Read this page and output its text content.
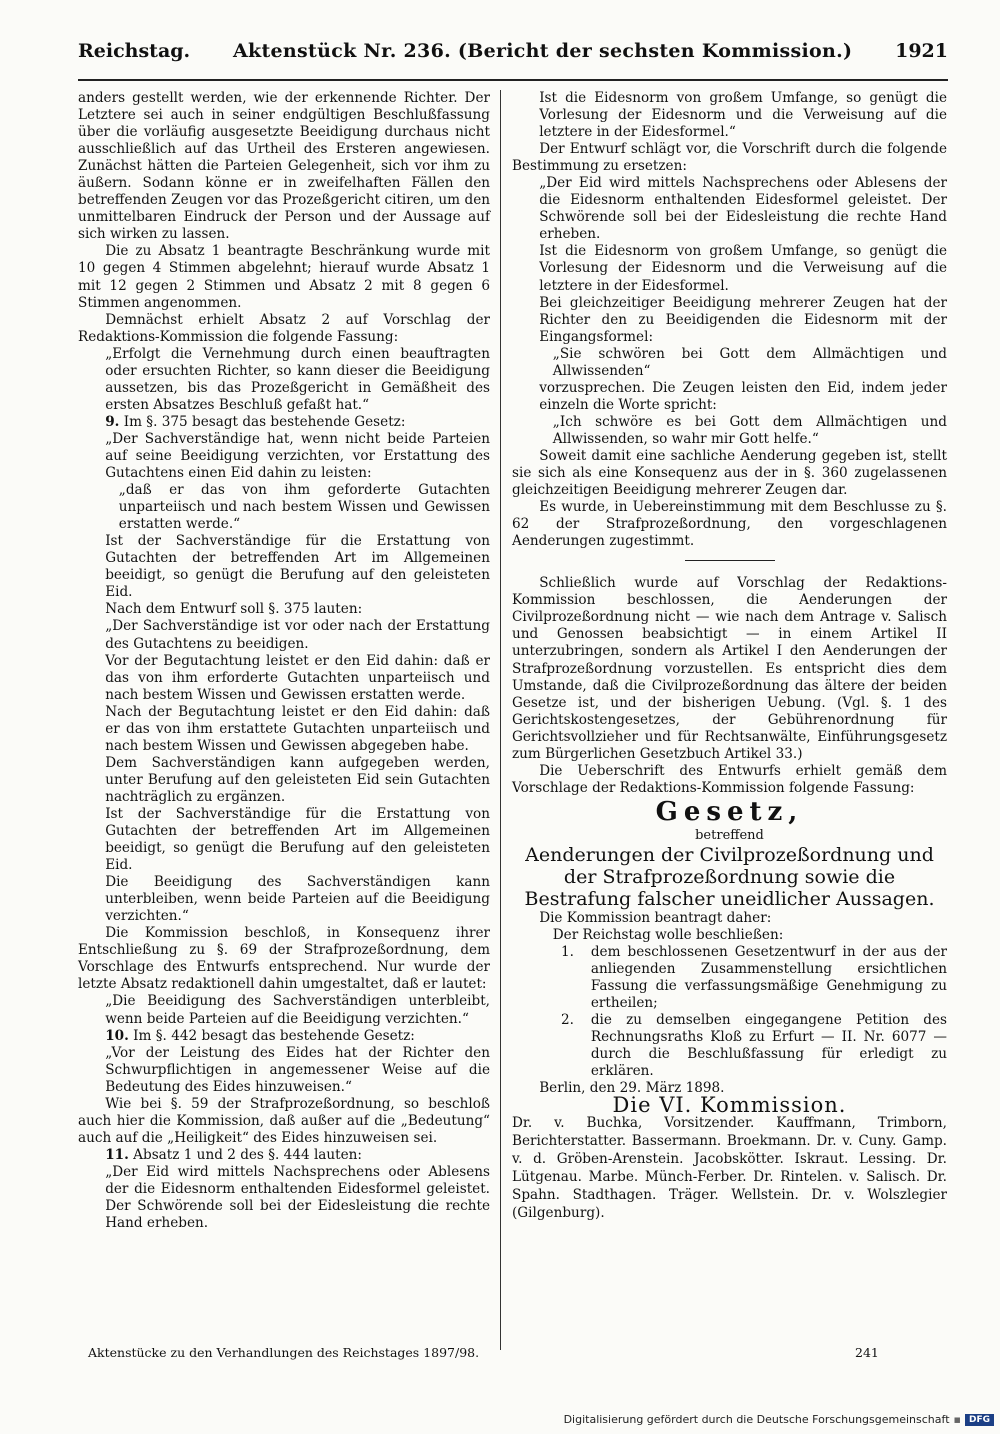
Reichstag.	Aktenstück Nr. 236. (Bericht der sechsten Kommission.)	1921

anders gestellt werden, wie der erkennende Richter. Der Letztere sei auch in seiner endgültigen Beschlußfassung über die vorläufig ausgesetzte Beeidigung durchaus nicht ausschließlich auf das Urtheil des Ersteren angewiesen. Zunächst hätten die Parteien Gelegenheit, sich vor ihm zu äußern. Sodann könne er in zweifelhaften Fällen den betreffenden Zeugen vor das Prozeßgericht citiren, um den unmittelbaren Eindruck der Person und der Aussage auf sich wirken zu lassen.

Die zu Absatz 1 beantragte Beschränkung wurde mit 10 gegen 4 Stimmen abgelehnt; hierauf wurde Absatz 1 mit 12 gegen 2 Stimmen und Absatz 2 mit 8 gegen 6 Stimmen angenommen.

Demnächst erhielt Absatz 2 auf Vorschlag der Redaktions-Kommission die folgende Fassung:

„Erfolgt die Vernehmung durch einen beauftragten oder ersuchten Richter, so kann dieser die Beeidigung aussetzen, bis das Prozeßgericht in Gemäßheit des ersten Absatzes Beschluß gefaßt hat.“

9. Im §. 375 besagt das bestehende Gesetz:

„Der Sachverständige hat, wenn nicht beide Parteien auf seine Beeidigung verzichten, vor Erstattung des Gutachtens einen Eid dahin zu leisten:

„daß er das von ihm geforderte Gutachten unparteiisch und nach bestem Wissen und Gewissen erstatten werde.“

Ist der Sachverständige für die Erstattung von Gutachten der betreffenden Art im Allgemeinen beeidigt, so genügt die Berufung auf den geleisteten Eid.

Nach dem Entwurf soll §. 375 lauten:

„Der Sachverständige ist vor oder nach der Erstattung des Gutachtens zu beeidigen.

Vor der Begutachtung leistet er den Eid dahin: daß er das von ihm erforderte Gutachten unparteiisch und nach bestem Wissen und Gewissen erstatten werde.

Nach der Begutachtung leistet er den Eid dahin: daß er das von ihm erstattete Gutachten unparteiisch und nach bestem Wissen und Gewissen abgegeben habe.

Dem Sachverständigen kann aufgegeben werden, unter Berufung auf den geleisteten Eid sein Gutachten nachträglich zu ergänzen.

Ist der Sachverständige für die Erstattung von Gutachten der betreffenden Art im Allgemeinen beeidigt, so genügt die Berufung auf den geleisteten Eid.

Die Beeidigung des Sachverständigen kann unterbleiben, wenn beide Parteien auf die Beeidigung verzichten.“

Die Kommission beschloß, in Konsequenz ihrer Entschließung zu §. 69 der Strafprozeßordnung, dem Vorschlage des Entwurfs entsprechend. Nur wurde der letzte Absatz redaktionell dahin umgestaltet, daß er lautet:

„Die Beeidigung des Sachverständigen unterbleibt, wenn beide Parteien auf die Beeidigung verzichten.“

10. Im §. 442 besagt das bestehende Gesetz:

„Vor der Leistung des Eides hat der Richter den Schwurpflichtigen in angemessener Weise auf die Bedeutung des Eides hinzuweisen.“

Wie bei §. 59 der Strafprozeßordnung, so beschloß auch hier die Kommission, daß außer auf die „Bedeutung“ auch auf die „Heiligkeit“ des Eides hinzuweisen sei.

11. Absatz 1 und 2 des §. 444 lauten:

„Der Eid wird mittels Nachsprechens oder Ablesens der die Eidesnorm enthaltenden Eidesformel geleistet. Der Schwörende soll bei der Eidesleistung die rechte Hand erheben.

Ist die Eidesnorm von großem Umfange, so genügt die Vorlesung der Eidesnorm und die Verweisung auf die letztere in der Eidesformel.“

Der Entwurf schlägt vor, die Vorschrift durch die folgende Bestimmung zu ersetzen:

„Der Eid wird mittels Nachsprechens oder Ablesens der die Eidesnorm enthaltenden Eidesformel geleistet. Der Schwörende soll bei der Eidesleistung die rechte Hand erheben.

Ist die Eidesnorm von großem Umfange, so genügt die Vorlesung der Eidesnorm und die Verweisung auf die letztere in der Eidesformel.

Bei gleichzeitiger Beeidigung mehrerer Zeugen hat der Richter den zu Beeidigenden die Eidesnorm mit der Eingangsformel:

„Sie schwören bei Gott dem Allmächtigen und Allwissenden“

vorzusprechen. Die Zeugen leisten den Eid, indem jeder einzeln die Worte spricht:

„Ich schwöre es bei Gott dem Allmächtigen und Allwissenden, so wahr mir Gott helfe.“

Soweit damit eine sachliche Aenderung gegeben ist, stellt sie sich als eine Konsequenz aus der in §. 360 zugelassenen gleichzeitigen Beeidigung mehrerer Zeugen dar.

Es wurde, in Uebereinstimmung mit dem Beschlusse zu §. 62 der Strafprozeßordnung, den vorgeschlagenen Aenderungen zugestimmt.

Schließlich wurde auf Vorschlag der Redaktions-Kommission beschlossen, die Aenderungen der Civilprozeßordnung nicht — wie nach dem Antrage v. Salisch und Genossen beabsichtigt — in einem Artikel II unterzubringen, sondern als Artikel I den Aenderungen der Strafprozeßordnung vorzustellen. Es entspricht dies dem Umstande, daß die Civilprozeßordnung das ältere der beiden Gesetze ist, und der bisherigen Uebung. (Vgl. §. 1 des Gerichtskostengesetzes, der Gebührenordnung für Gerichtsvollzieher und für Rechtsanwälte, Einführungsgesetz zum Bürgerlichen Gesetzbuch Artikel 33.)

Die Ueberschrift des Entwurfs erhielt gemäß dem Vorschlage der Redaktions-Kommission folgende Fassung:

Gesetz,

betreffend

Aenderungen der Civilprozeßordnung und der Strafprozeßordnung sowie die Bestrafung falscher uneidlicher Aussagen.

Die Kommission beantragt daher:

Der Reichstag wolle beschließen:

1.	dem beschlossenen Gesetzentwurf in der aus der anliegenden Zusammenstellung ersichtlichen Fassung die verfassungsmäßige Genehmigung zu ertheilen;
2.	die zu demselben eingegangene Petition des Rechnungsraths Kloß zu Erfurt — II. Nr. 6077 — durch die Beschlußfassung für erledigt zu erklären.

Berlin, den 29. März 1898.

Die VI. Kommission.

Dr. v. Buchka, Vorsitzender. Kauffmann, Trimborn, Berichterstatter. Bassermann. Broekmann. Dr. v. Cuny. Gamp. v. d. Gröben-Arenstein. Jacobskötter. Iskraut. Lessing. Dr. Lütgenau. Marbe. Münch-Ferber. Dr. Rintelen. v. Salisch. Dr. Spahn. Stadthagen. Träger. Wellstein. Dr. v. Wolszlegier (Gilgenburg).

Aktenstücke zu den Verhandlungen des Reichstages 1897/98.	241
Digitalisierung gefördert durch die Deutsche Forschungsgemeinschaft ▪ DFG
